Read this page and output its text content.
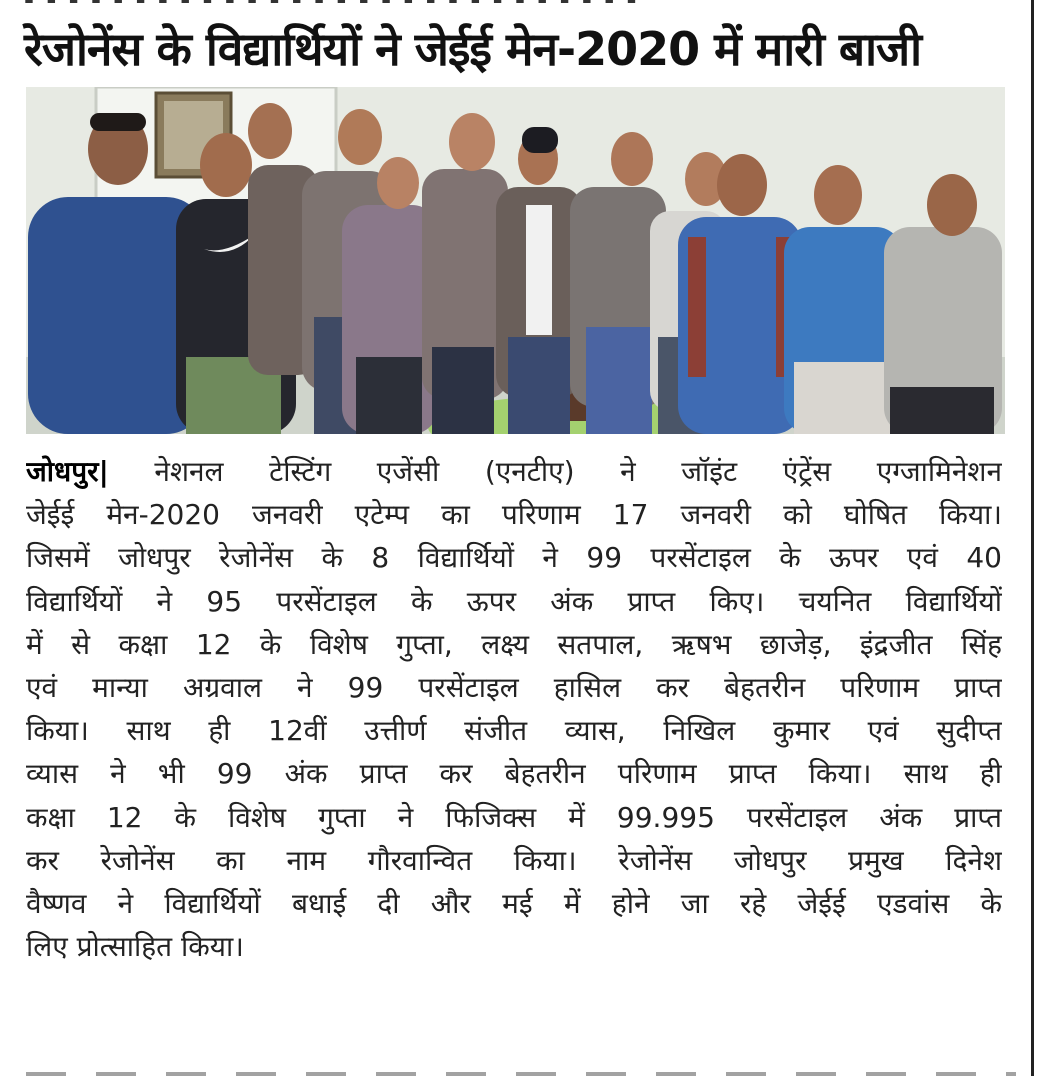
- - - - - - - - - - - - - - - - - - - - - - - - - - - -
रेजोनेंस के विद्यार्थियों ने जेईई मेन-2020 में मारी बाजी
जोधपुर| नेशनल टेस्टिंग एजेंसी (एनटीए) ने जॉइंट एंट्रेंस एग्जामिनेशन
जेईई मेन-2020 जनवरी एटेम्प का परिणाम 17 जनवरी को घोषित किया।
जिसमें जोधपुर रेजोनेंस के 8 विद्यार्थियों ने 99 परसेंटाइल के ऊपर एवं 40
विद्यार्थियों ने 95 परसेंटाइल के ऊपर अंक प्राप्त किए। चयनित विद्यार्थियों
में से कक्षा 12 के विशेष गुप्ता, लक्ष्य सतपाल, ऋषभ छाजेड़, इंद्रजीत सिंह
एवं मान्या अग्रवाल ने 99 परसेंटाइल हासिल कर बेहतरीन परिणाम प्राप्त
किया। साथ ही 12वीं उत्तीर्ण संजीत व्यास, निखिल कुमार एवं सुदीप्त
व्यास ने भी 99 अंक प्राप्त कर बेहतरीन परिणाम प्राप्त किया। साथ ही
कक्षा 12 के विशेष गुप्ता ने फिजिक्स में 99.995 परसेंटाइल अंक प्राप्त
कर रेजोनेंस का नाम गौरवान्वित किया। रेजोनेंस जोधपुर प्रमुख दिनेश
वैष्णव ने विद्यार्थियों बधाई दी और मई में होने जा रहे जेईई एडवांस के
लिए प्रोत्साहित किया।
